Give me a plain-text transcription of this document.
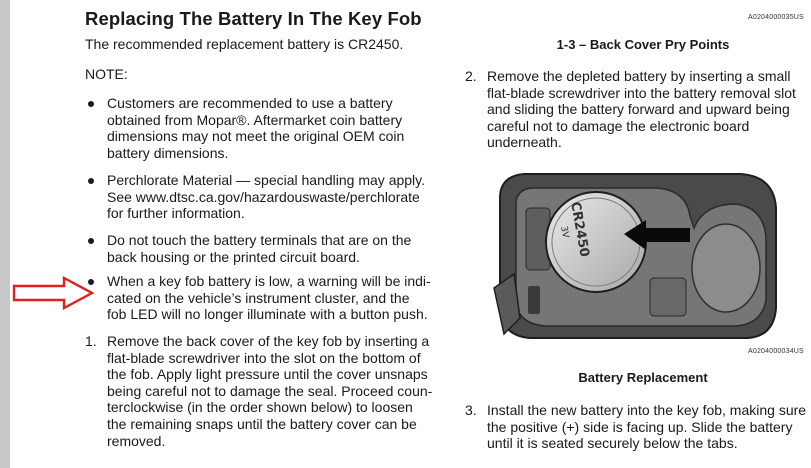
Replacing The Battery In The Key Fob
The recommended replacement battery is CR2450.
NOTE:
Customers are recommended to use a battery
obtained from Mopar®. Aftermarket coin battery
dimensions may not meet the original OEM coin
battery dimensions.
Perchlorate Material — special handling may apply.
See www.dtsc.ca.gov/hazardouswaste/perchlorate
for further information.
Do not touch the battery terminals that are on the
back housing or the printed circuit board.
When a key fob battery is low, a warning will be indi-
cated on the vehicle’s instrument cluster, and the
fob LED will no longer illuminate with a button push.
1. Remove the back cover of the key fob by inserting a
flat-blade screwdriver into the slot on the bottom of
the fob. Apply light pressure until the cover unsnaps
being careful not to damage the seal. Proceed coun-
terclockwise (in the order shown below) to loosen
the remaining snaps until the battery cover can be
removed.
A0204000035US
1-3 – Back Cover Pry Points
2. Remove the depleted battery by inserting a small
flat-blade screwdriver into the battery removal slot
and sliding the battery forward and upward being
careful not to damage the electronic board
underneath.
CR2450
3V
A0204000034US
Battery Replacement
3. Install the new battery into the key fob, making sure
the positive (+) side is facing up. Slide the battery
until it is seated securely below the tabs.
